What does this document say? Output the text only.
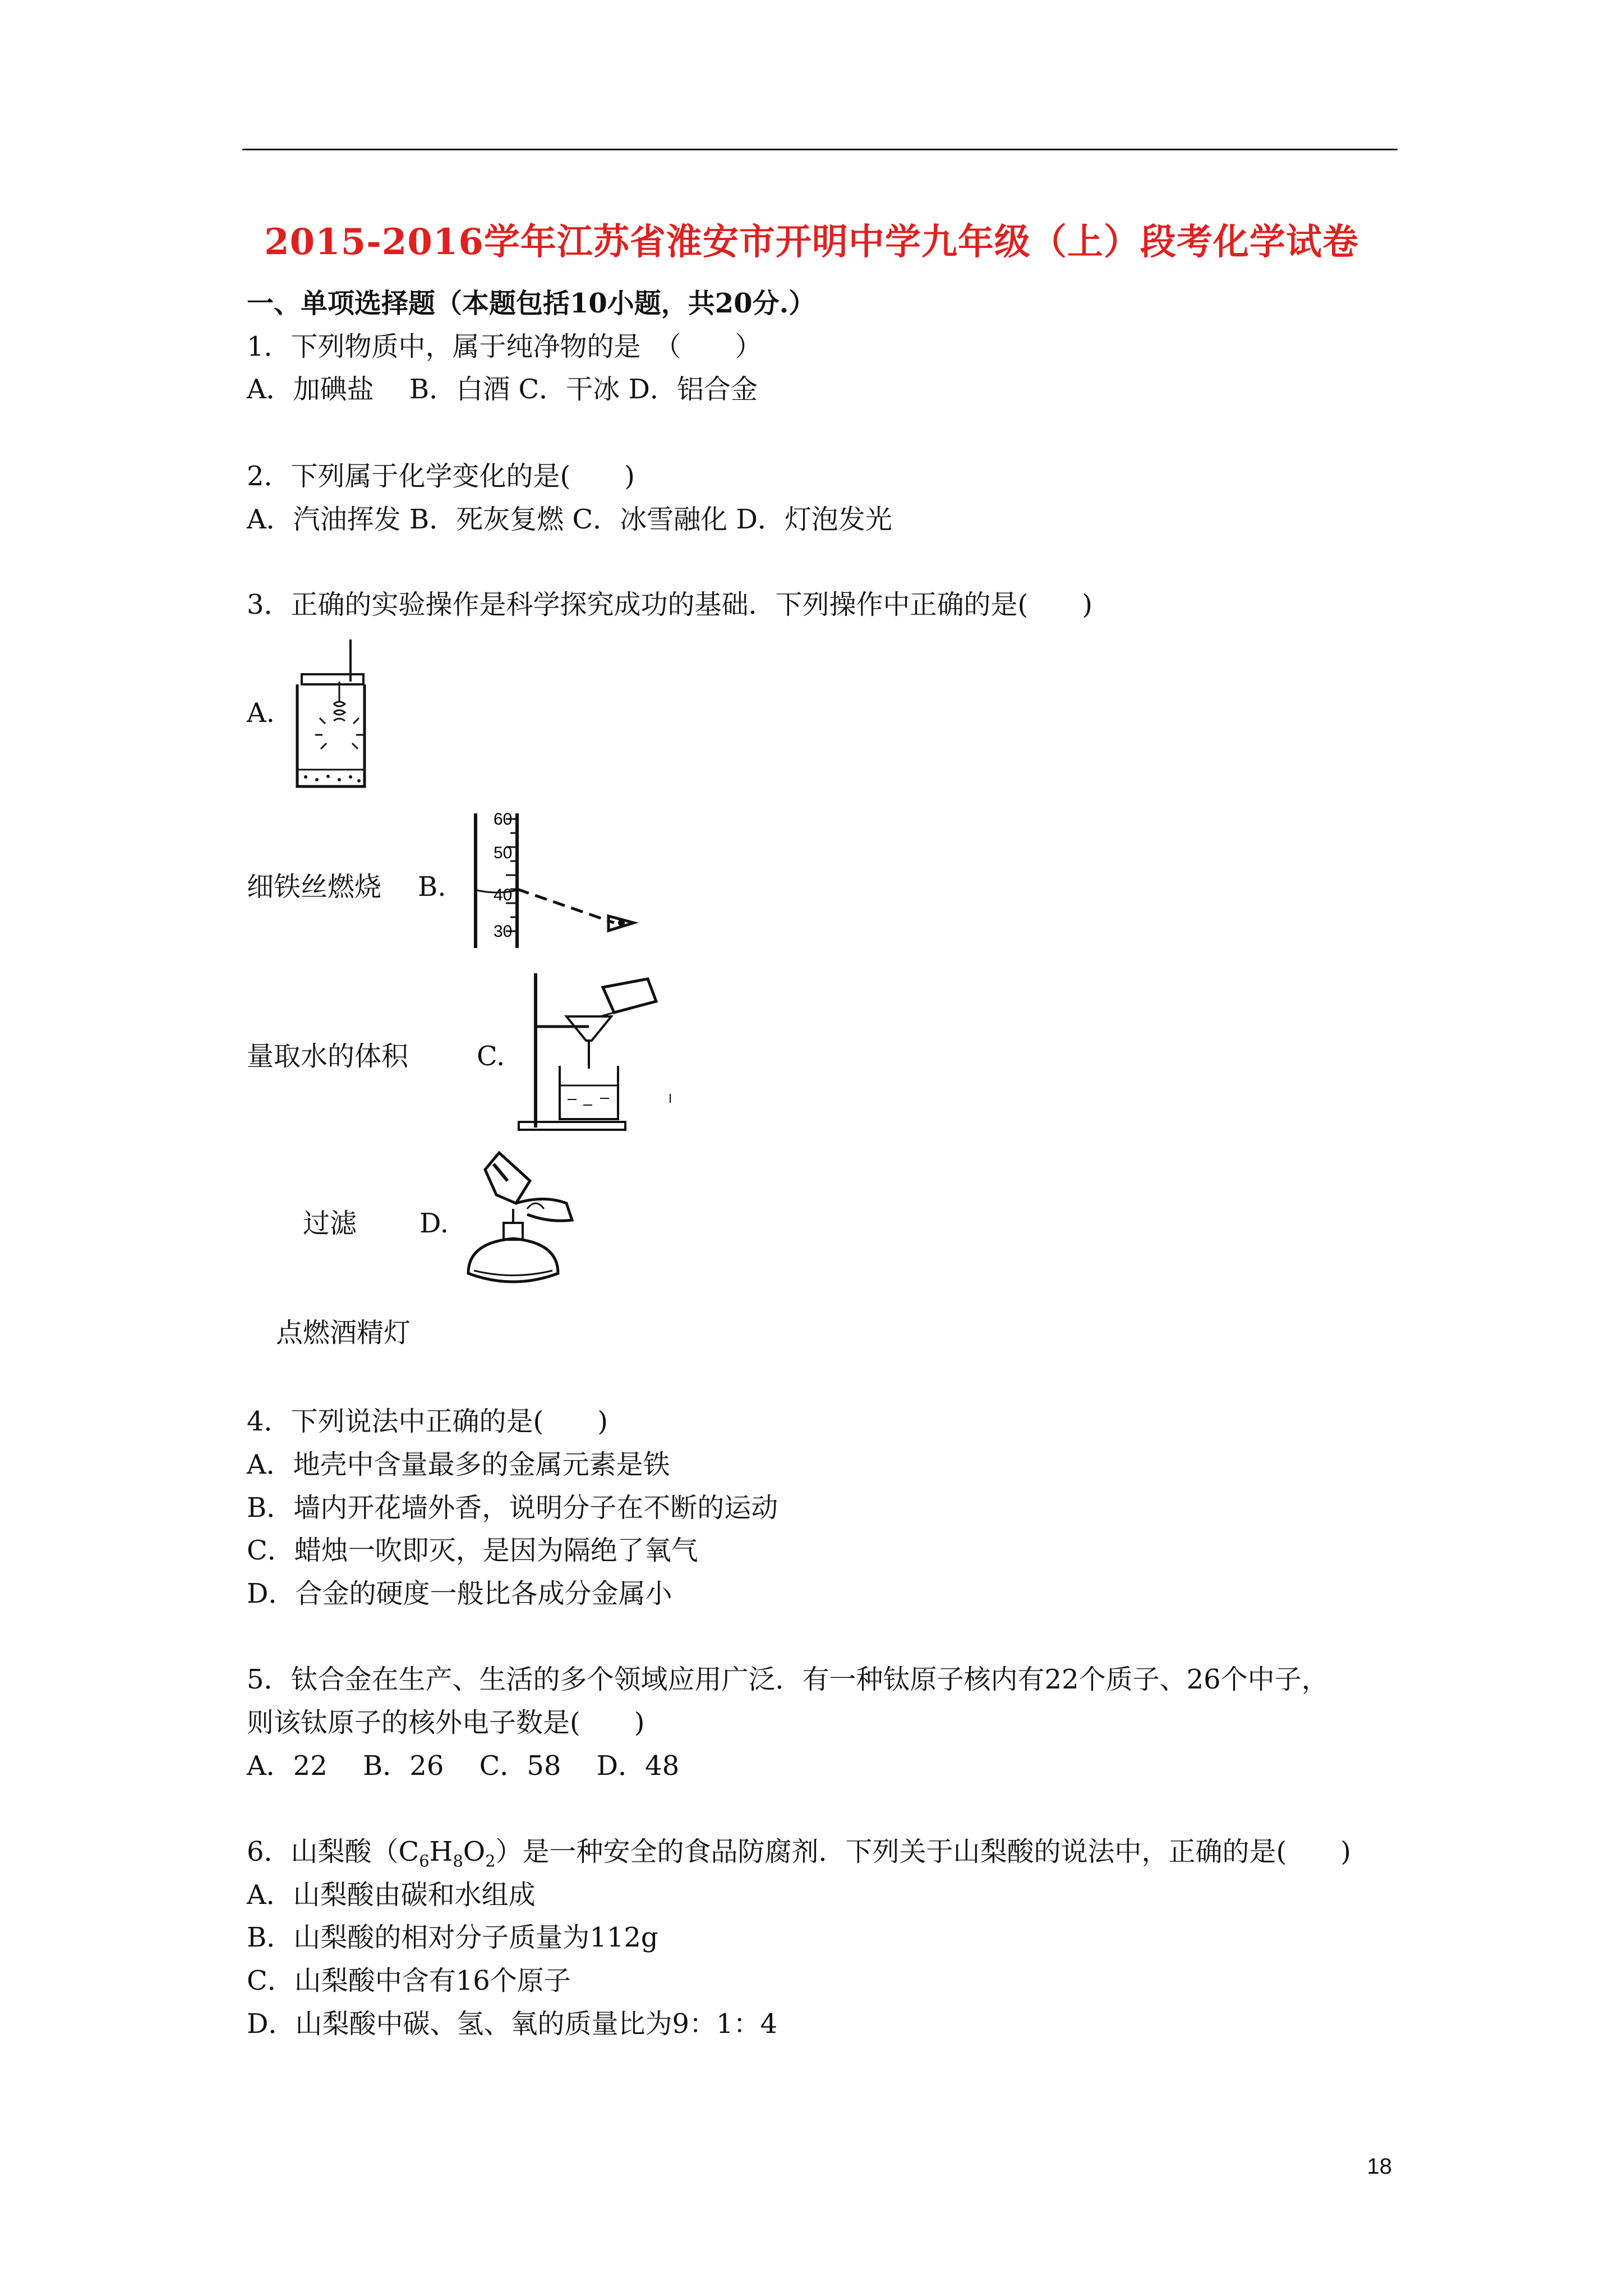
2015-2016学年江苏省淮安市开明中学九年级（上）段考化学试卷
一、单项选择题（本题包括10小题，共20分.）
1．下列物质中，属于纯净物的是　（　　）
A．加碘盐　 B．白酒 C．干冰 D．铝合金
2．下列属于化学变化的是(　　)
A．汽油挥发 B．死灰复燃 C．冰雪融化 D．灯泡发光
3．正确的实验操作是科学探究成功的基础．下列操作中正确的是(　　)
A.
细铁丝燃烧 B.
60
50
40
30
量取水的体积	C.
过滤 D.
点燃酒精灯
4．下列说法中正确的是(　　)
A．地壳中含量最多的金属元素是铁
B．墙内开花墙外香，说明分子在不断的运动
C．蜡烛一吹即灭，是因为隔绝了氧气
D．合金的硬度一般比各成分金属小
5．钛合金在生产、生活的多个领域应用广泛．有一种钛原子核内有22个质子、26个中子，
则该钛原子的核外电子数是(　　)
A．22　 B．26　 C．58　 D．48
6．山梨酸$(C_6H_8O_2)$是一种安全的食品防腐剂．下列关于山梨酸的说法中，正确的是(　　)
A．山梨酸由碳和水组成
B．山梨酸的相对分子质量为112g
C．山梨酸中含有16个原子
D．山梨酸中碳、氢、氧的质量比为9：1：4
18
